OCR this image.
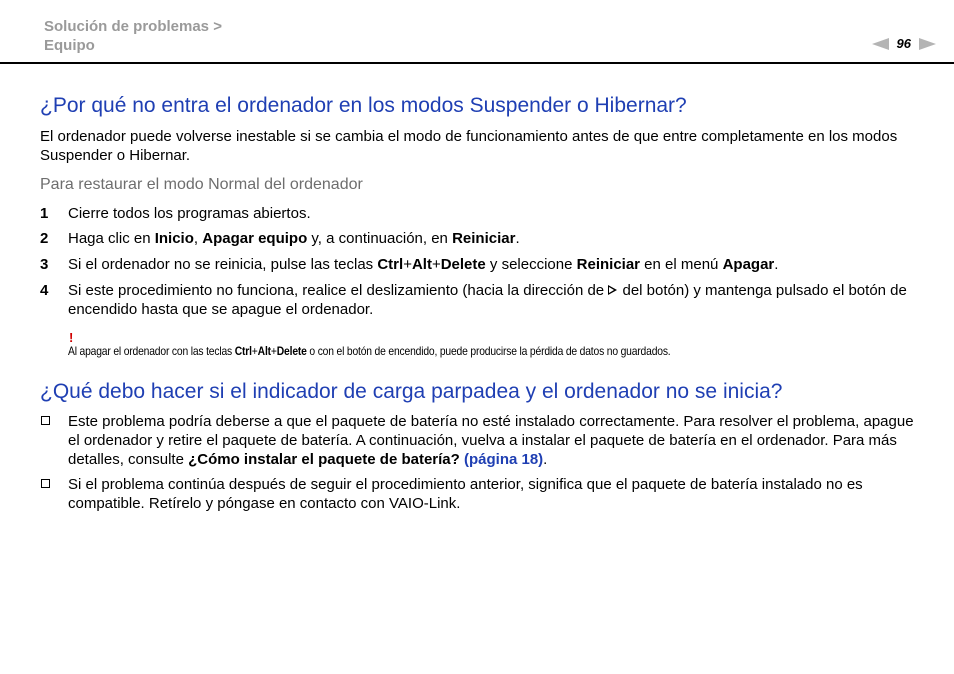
Solución de problemas >
Equipo	96
¿Por qué no entra el ordenador en los modos Suspender o Hibernar?
El ordenador puede volverse inestable si se cambia el modo de funcionamiento antes de que entre completamente en los modos Suspender o Hibernar.
Para restaurar el modo Normal del ordenador
1 Cierre todos los programas abiertos.
2 Haga clic en Inicio, Apagar equipo y, a continuación, en Reiniciar.
3 Si el ordenador no se reinicia, pulse las teclas Ctrl+Alt+Delete y seleccione Reiniciar en el menú Apagar.
4 Si este procedimiento no funciona, realice el deslizamiento (hacia la dirección de  del botón) y mantenga pulsado el botón de encendido hasta que se apague el ordenador.
!
Al apagar el ordenador con las teclas Ctrl+Alt+Delete o con el botón de encendido, puede producirse la pérdida de datos no guardados.
¿Qué debo hacer si el indicador de carga parpadea y el ordenador no se inicia?
Este problema podría deberse a que el paquete de batería no esté instalado correctamente. Para resolver el problema, apague el ordenador y retire el paquete de batería. A continuación, vuelva a instalar el paquete de batería en el ordenador. Para más detalles, consulte ¿Cómo instalar el paquete de batería? (página 18).
Si el problema continúa después de seguir el procedimiento anterior, significa que el paquete de batería instalado no es compatible. Retírelo y póngase en contacto con VAIO-Link.
